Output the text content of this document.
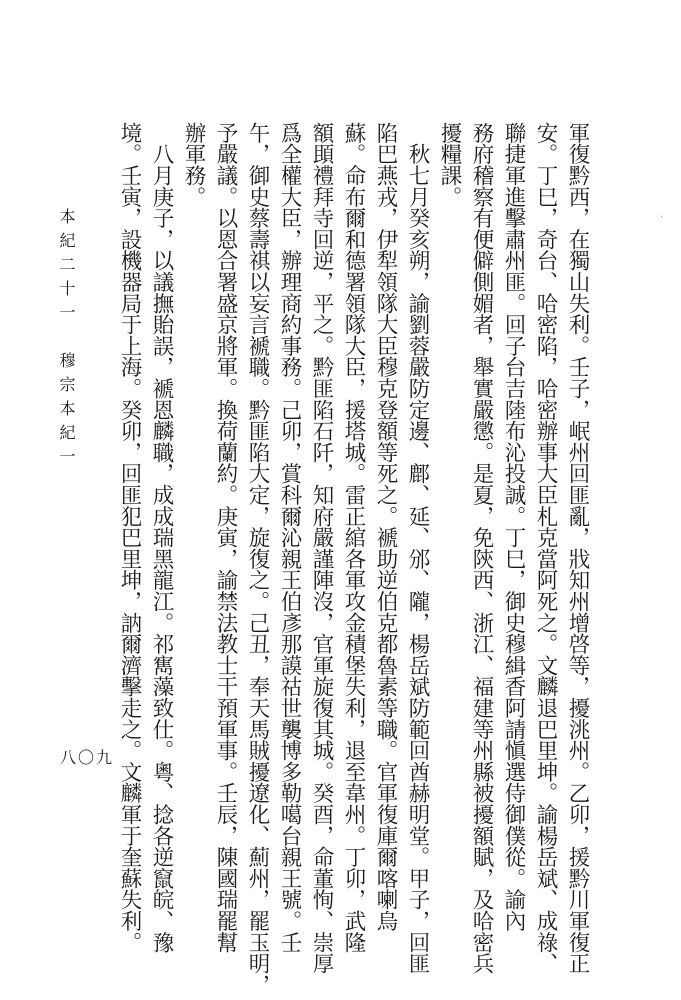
軍復黔西，在獨山失利。壬子，岷州回匪亂，戕知州增啓等，擾洮州。乙卯，援黔川軍復正
安。丁巳，奇台、哈密陷，哈密辦事大臣札克當阿死之。文麟退巴里坤。諭楊岳斌、成祿、
聯捷軍進擊肅州匪。回子台吉陸布沁投誠。丁巳，御史穆緝香阿請愼選侍御僕從。諭內
務府稽察有便僻側媚者，舉實嚴懲。是夏，免陝西、浙江、福建等州縣被擾額賦，及哈密兵
擾糧課。
　秋七月癸亥朔，諭劉蓉嚴防定邊、鄜、延、邠、隴，楊岳斌防範回酋赫明堂。甲子，回匪
陷巴燕戎，伊犁領隊大臣穆克登額等死之。褫助逆伯克都魯素等職。官軍復庫爾喀喇烏
蘇。命布爾和德署領隊大臣，援塔城。雷正綰各軍攻金積堡失利，退至韋州。丁卯，武隆
額䪶禮拜寺回逆，平之。黔匪陷石阡，知府嚴謹陣沒，官軍旋復其城。癸酉，命董恂、崇厚
爲全權大臣，辦理商約事務。己卯，賞科爾沁親王伯彥那謨祜世襲博多勒噶台親王號。壬
午，御史蔡壽祺以妄言褫職。黔匪陷大定，旋復之。己丑，奉天馬賊擾遼化、薊州，罷玉明，
予嚴議。以恩合署盛京將軍。換荷蘭約。庚寅，諭禁法教士干預軍事。壬辰，陳國瑞罷幫
辦軍務。
　八月庚子，以議撫貽誤，褫恩麟職，成成瑞黑龍江。祁寯藻致仕。粵、捻各逆竄皖、豫
境。壬寅，設機器局于上海。癸卯，回匪犯巴里坤，訥爾濟擊走之。文麟軍于奎蘇失利。
本紀二十一　穆宗本紀一
八〇九
·
